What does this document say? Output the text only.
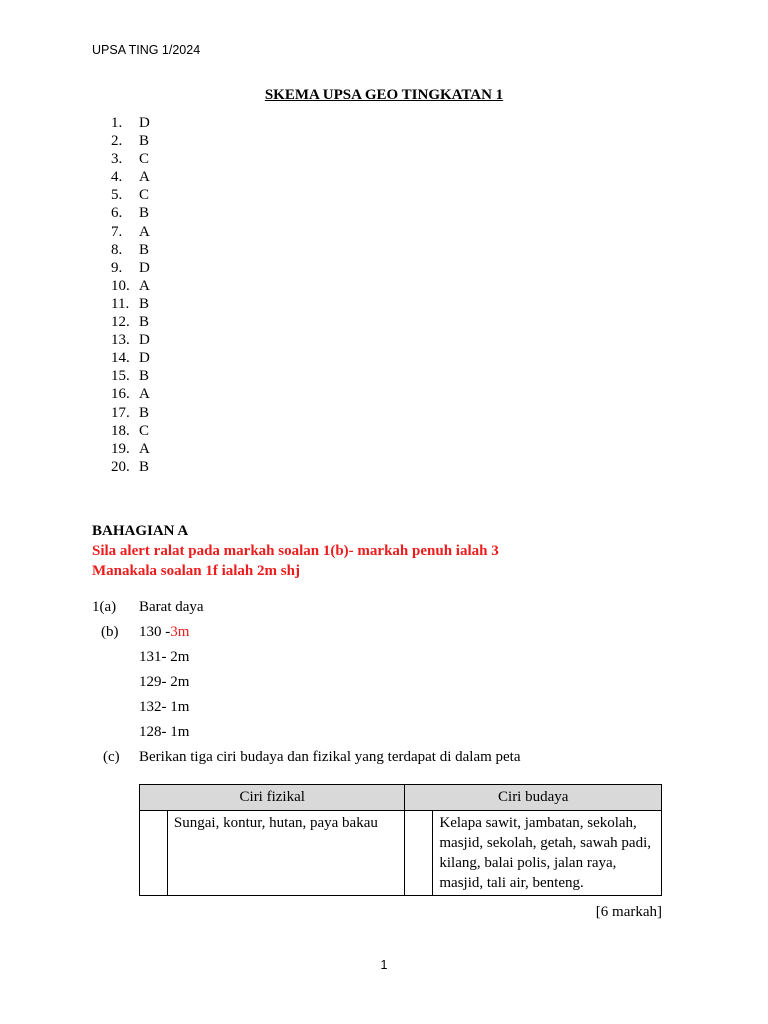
UPSA TING 1/2024
SKEMA UPSA GEO TINGKATAN 1
1.	D
2.	B
3.	C
4.	A
5.	C
6.	B
7.	A
8.	B
9.	D
10. A
11. B
12. B
13. D
14. D
15. B
16. A
17. B
18. C
19. A
20. B
BAHAGIAN A
Sila alert ralat pada markah soalan 1(b)- markah penuh ialah 3
Manakala soalan 1f ialah 2m shj
1(a) Barat daya
(b) 130 -3m
131- 2m
129- 2m
132- 1m
128- 1m
(c) Berikan tiga ciri budaya dan fizikal yang terdapat di dalam peta
Ciri fizikal		Ciri budaya	

	Sungai, kontur, hutan, paya bakau		Kelapa sawit, jambatan, sekolah, masjid, sekolah, getah, sawah padi, kilang, balai polis, jalan raya, masjid, tali air, benteng.
[6 markah]
1
